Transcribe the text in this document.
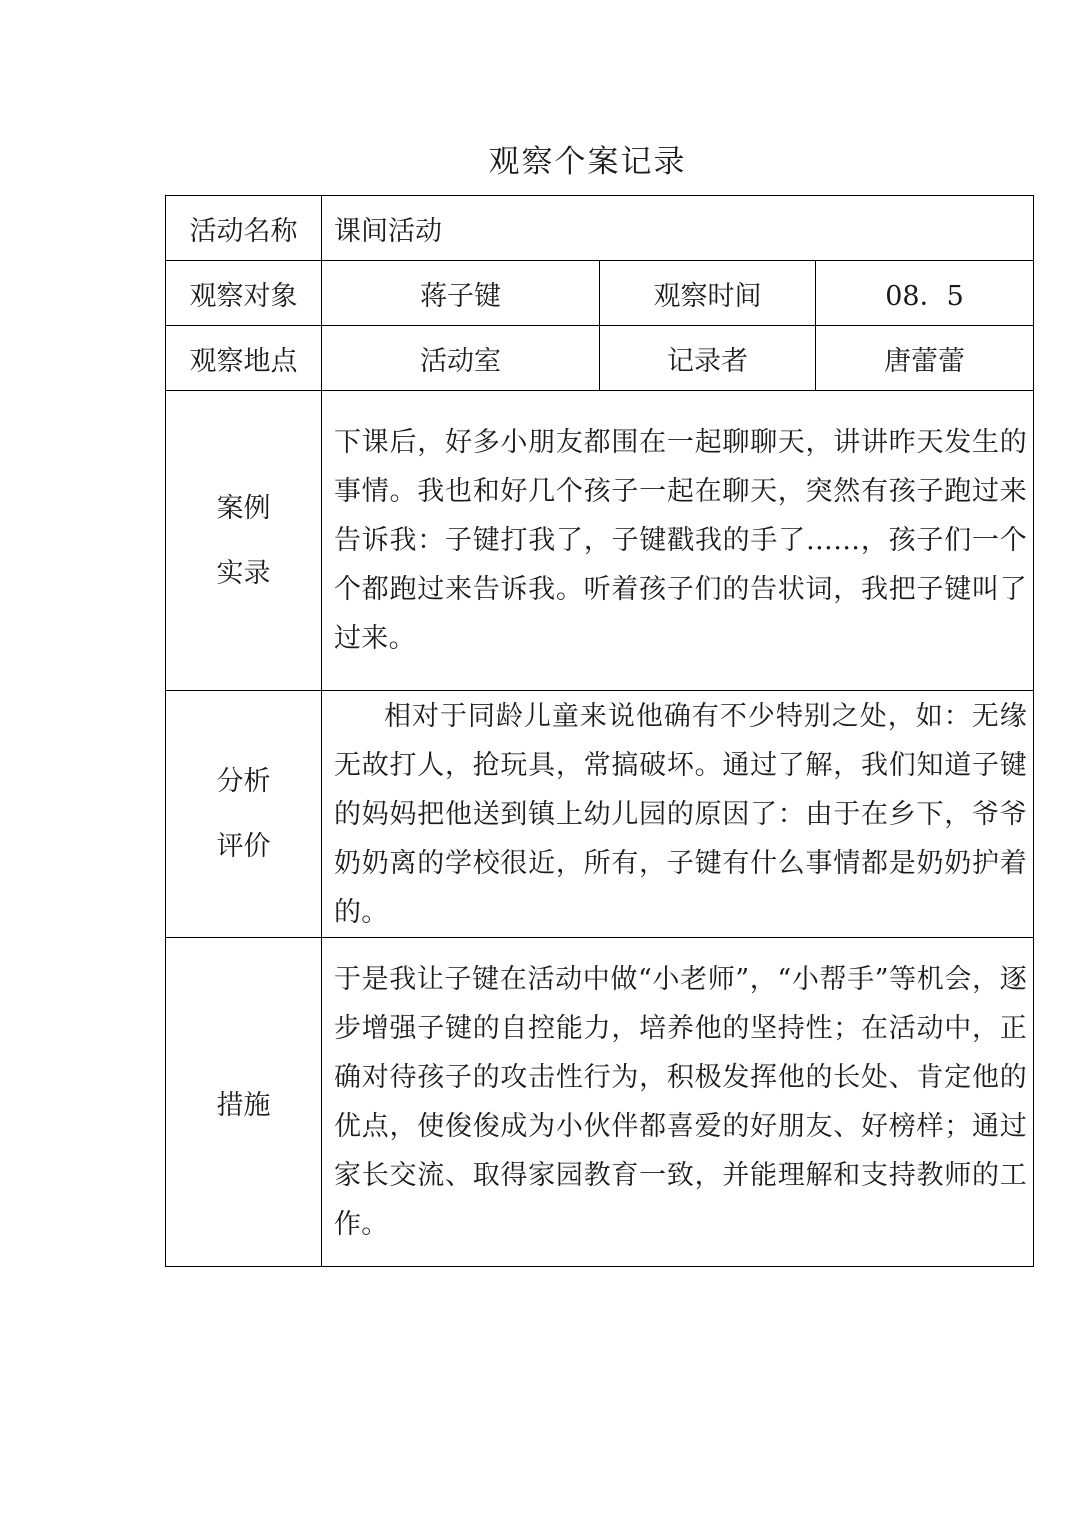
观察个案记录
活动名称	课间活动		
观察对象	蒋子键	观察时间	08．5
观察地点	活动室	记录者	唐蕾蕾

案例
实录	下课后，好多小朋友都围在一起聊聊天，讲讲昨天发生的事情。我也和好几个孩子一起在聊天，突然有孩子跑过来告诉我：子键打我了，子键戳我的手了……，孩子们一个个都跑过来告诉我。听着孩子们的告状词，我把子键叫了过来。		

分析
评价	相对于同龄儿童来说他确有不少特别之处，如：无缘无故打人，抢玩具，常搞破坏。通过了解，我们知道子键的妈妈把他送到镇上幼儿园的原因了：由于在乡下，爷爷奶奶离的学校很近，所有，子键有什么事情都是奶奶护着的。		

措施	于是我让子键在活动中做“小老师”，“小帮手”等机会，逐步增强子键的自控能力，培养他的坚持性；在活动中，正确对待孩子的攻击性行为，积极发挥他的长处、肯定他的优点，使俊俊成为小伙伴都喜爱的好朋友、好榜样；通过家长交流、取得家园教育一致，并能理解和支持教师的工作。		
